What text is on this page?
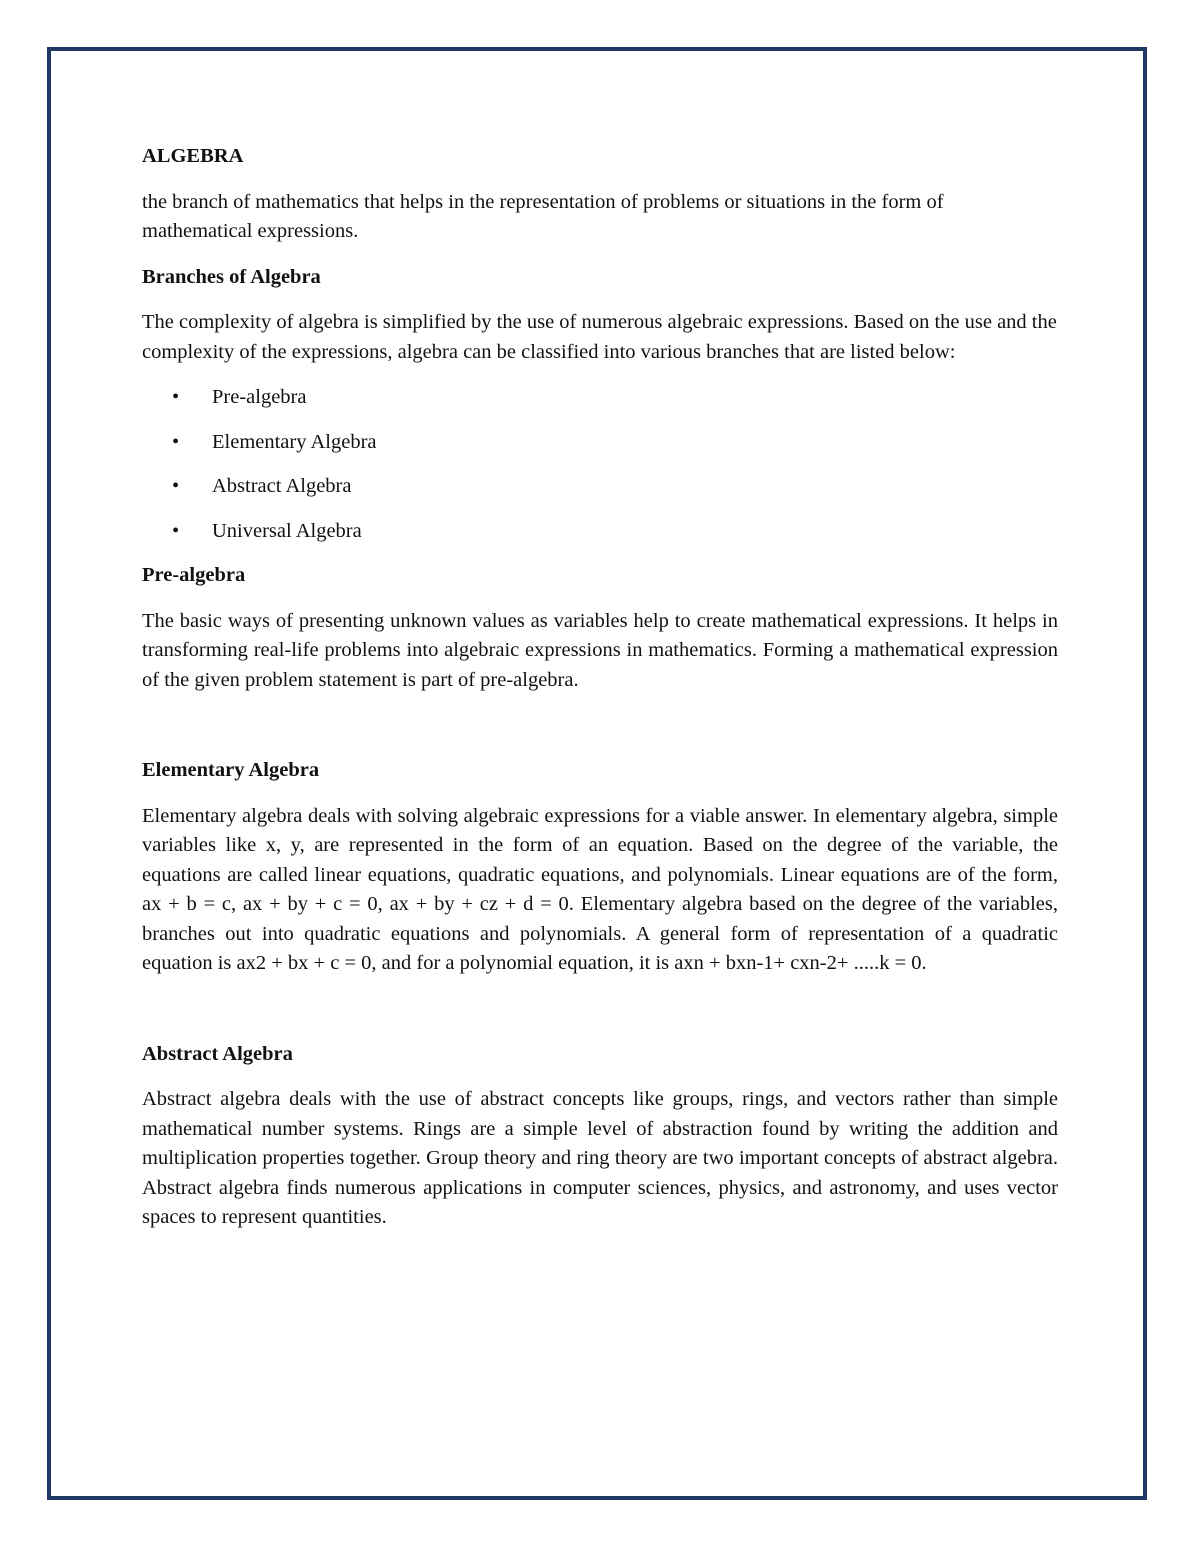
ALGEBRA
the branch of mathematics that helps in the representation of problems or situations in the form of mathematical expressions.
Branches of Algebra
The complexity of algebra is simplified by the use of numerous algebraic expressions. Based on the use and the complexity of the expressions, algebra can be classified into various branches that are listed below:
• Pre-algebra
• Elementary Algebra
• Abstract Algebra
• Universal Algebra
Pre-algebra
The basic ways of presenting unknown values as variables help to create mathematical expressions. It helps in transforming real-life problems into algebraic expressions in mathematics. Forming a mathematical expression of the given problem statement is part of pre-algebra.
Elementary Algebra
Elementary algebra deals with solving algebraic expressions for a viable answer. In elementary algebra, simple variables like x, y, are represented in the form of an equation. Based on the degree of the variable, the equations are called linear equations, quadratic equations, and polynomials. Linear equations are of the form, ax + b = c, ax + by + c = 0, ax + by + cz + d = 0. Elementary algebra based on the degree of the variables, branches out into quadratic equations and polynomials. A general form of representation of a quadratic equation is ax2 + bx + c = 0, and for a polynomial equation, it is axn + bxn-1+ cxn-2+ .....k = 0.
Abstract Algebra
Abstract algebra deals with the use of abstract concepts like groups, rings, and vectors rather than simple mathematical number systems. Rings are a simple level of abstraction found by writing the addition and multiplication properties together. Group theory and ring theory are two important concepts of abstract algebra. Abstract algebra finds numerous applications in computer sciences, physics, and astronomy, and uses vector spaces to represent quantities.
